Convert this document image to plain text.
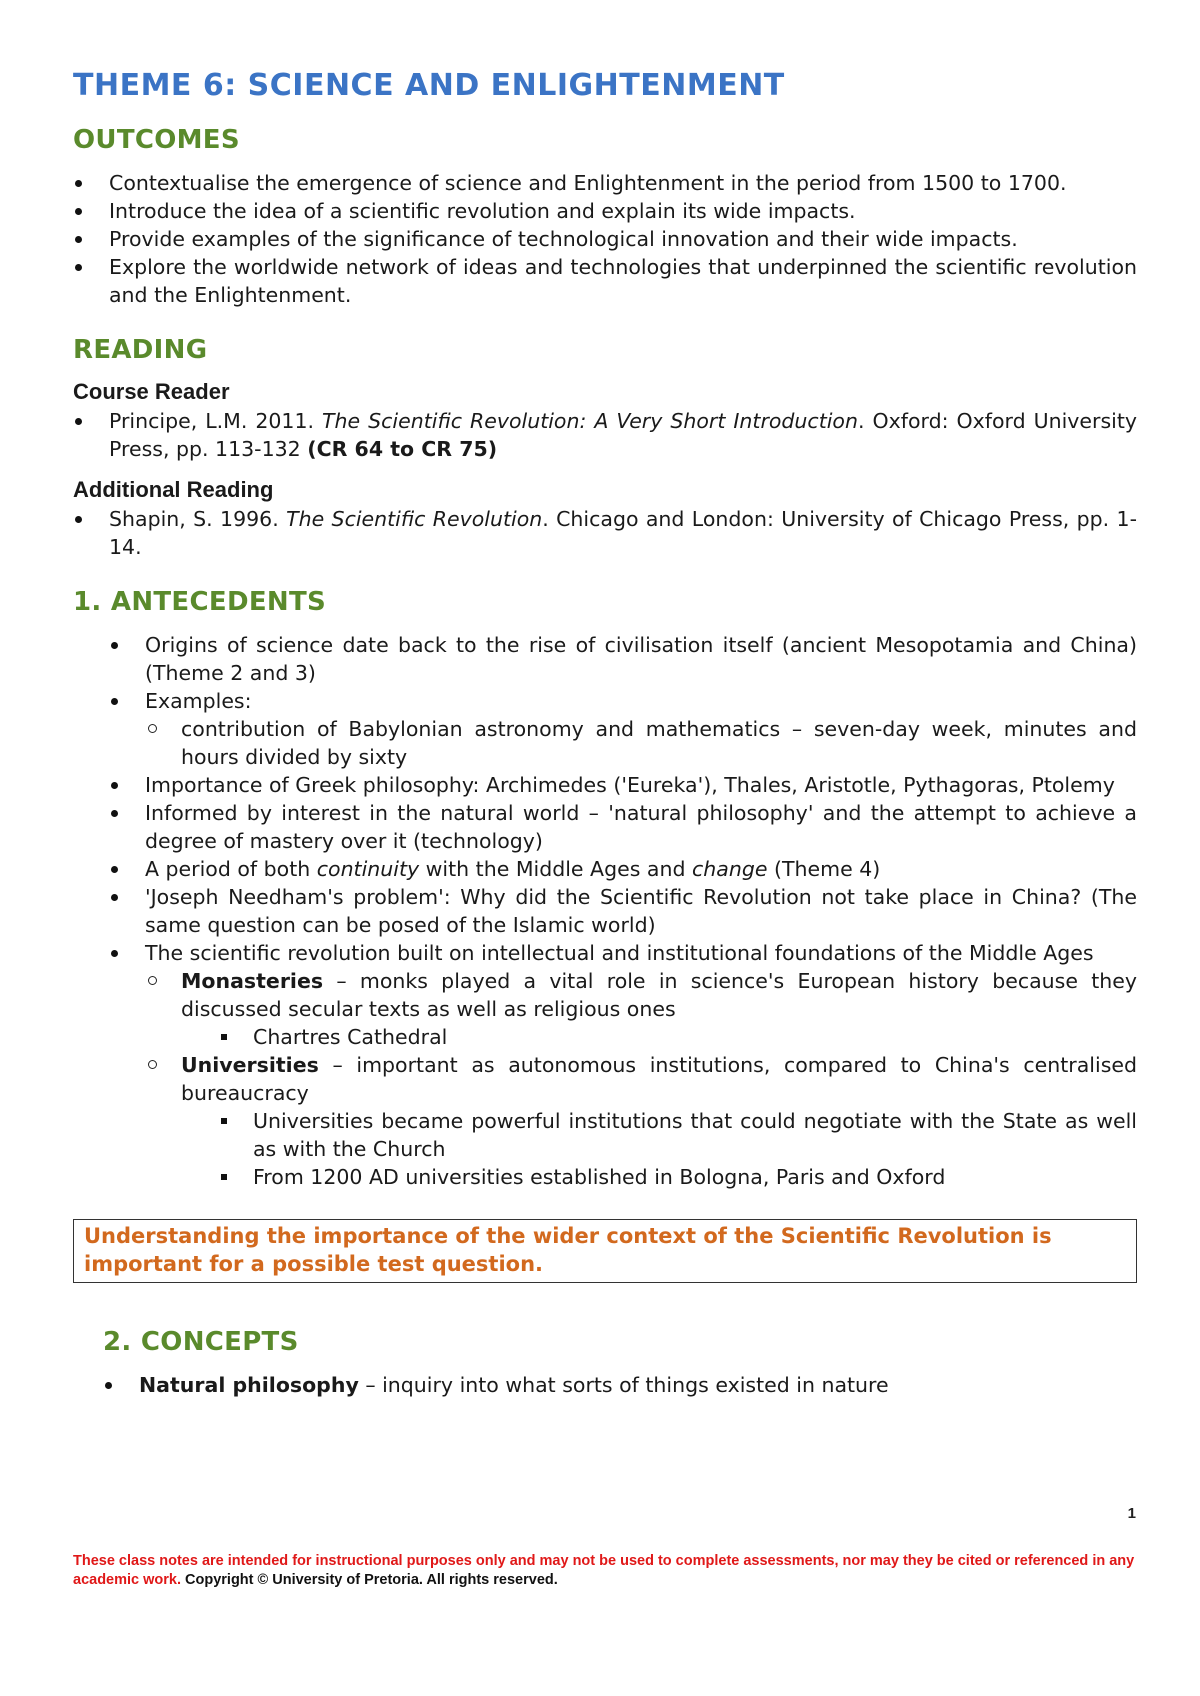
THEME 6: SCIENCE AND ENLIGHTENMENT
OUTCOMES
Contextualise the emergence of science and Enlightenment in the period from 1500 to 1700.
Introduce the idea of a scientific revolution and explain its wide impacts.
Provide examples of the significance of technological innovation and their wide impacts.
Explore the worldwide network of ideas and technologies that underpinned the scientific revolution and the Enlightenment.
READING
Course Reader
Principe, L.M. 2011. The Scientific Revolution: A Very Short Introduction. Oxford: Oxford University Press, pp. 113-132 (CR 64 to CR 75)
Additional Reading
Shapin, S. 1996. The Scientific Revolution. Chicago and London: University of Chicago Press, pp. 1-14.
1. ANTECEDENTS
Origins of science date back to the rise of civilisation itself (ancient Mesopotamia and China) (Theme 2 and 3)
Examples:
contribution of Babylonian astronomy and mathematics – seven-day week, minutes and hours divided by sixty
Importance of Greek philosophy: Archimedes ('Eureka'), Thales, Aristotle, Pythagoras, Ptolemy
Informed by interest in the natural world – 'natural philosophy' and the attempt to achieve a degree of mastery over it (technology)
A period of both continuity with the Middle Ages and change (Theme 4)
'Joseph Needham's problem': Why did the Scientific Revolution not take place in China? (The same question can be posed of the Islamic world)
The scientific revolution built on intellectual and institutional foundations of the Middle Ages
Monasteries – monks played a vital role in science's European history because they discussed secular texts as well as religious ones
Chartres Cathedral
Universities – important as autonomous institutions, compared to China's centralised bureaucracy
Universities became powerful institutions that could negotiate with the State as well as with the Church
From 1200 AD universities established in Bologna, Paris and Oxford
Understanding the importance of the wider context of the Scientific Revolution is important for a possible test question.
2. CONCEPTS
Natural philosophy – inquiry into what sorts of things existed in nature
1
These class notes are intended for instructional purposes only and may not be used to complete assessments, nor may they be cited or referenced in any academic work. Copyright © University of Pretoria. All rights reserved.
